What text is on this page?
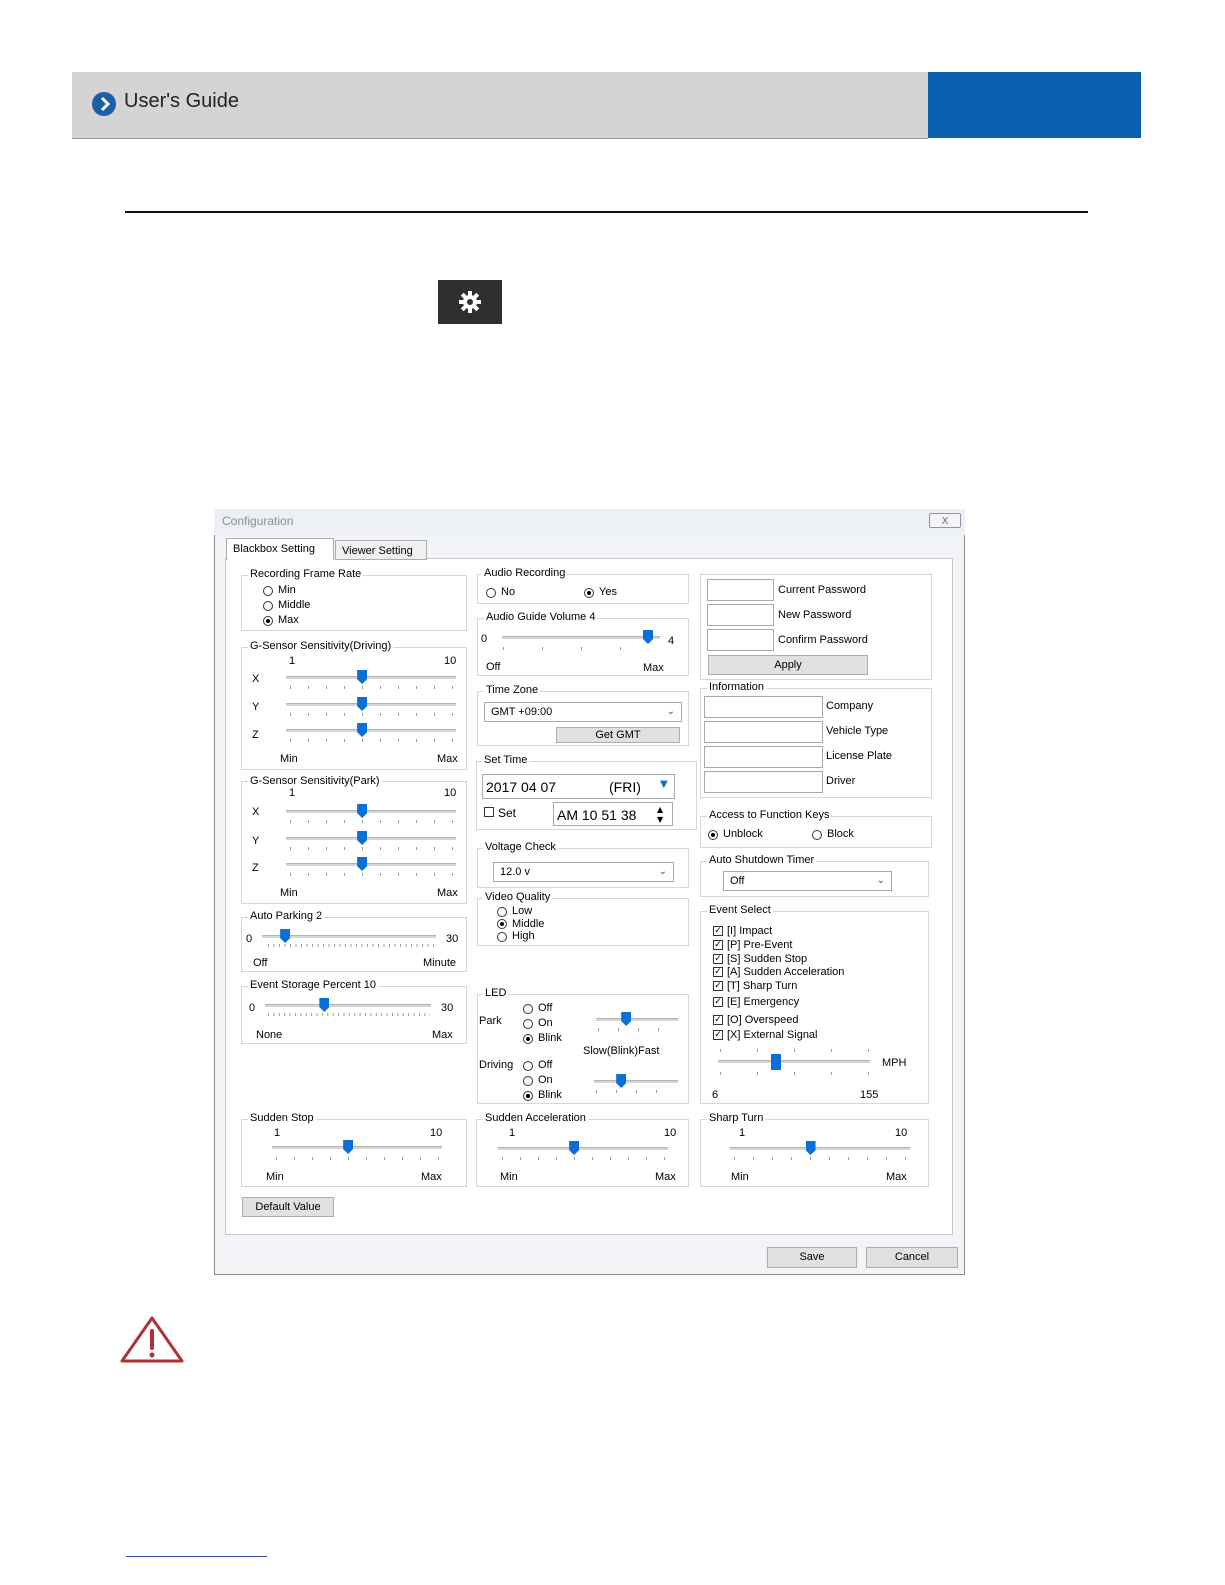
User's Guide
Configuration	X
Blackbox Setting	Viewer Setting
Recording Frame Rate
Min
Middle
Max
G-Sensor Sensitivity(Driving)
1	10
X
Y
Z
Min	Max
G-Sensor Sensitivity(Park)
1	10
X
Y
Z
Min	Max
Auto Parking 2
0	30
Off	Minute
Event Storage Percent 10
0	30
None	Max
Audio Recording
No	Yes
Audio Guide Volume 4
0	4
Off	Max
Time Zone
GMT +09:00	⌄
Get GMT
Set Time
2017 04 07	(FRI) ▼
Set	AM 10 51 38	▲
▼
Voltage Check
12.0 v	⌄
Video Quality
Low
Middle
High
LED
Park
Off
On
Blink
Slow(Blink)Fast
Driving Off
On
Blink
Current Password
New Password
Confirm Password
Apply
Information
Company
Vehicle Type
License Plate
Driver
Access to Function Keys
Unblock	Block
Auto Shutdown Timer
Off	⌄
Event Select
✓ [I] Impact
✓ [P] Pre-Event
✓ [S] Sudden Stop
✓ [A] Sudden Acceleration
✓ [T] Sharp Turn
✓ [E] Emergency
✓ [O] Overspeed
✓ [X] External Signal
MPH
6	155
Sudden Stop
1	10
Min	Max
Sudden Acceleration
1	10
Min	Max
Sharp Turn
1	10
Min	Max
Default Value
Save	Cancel
